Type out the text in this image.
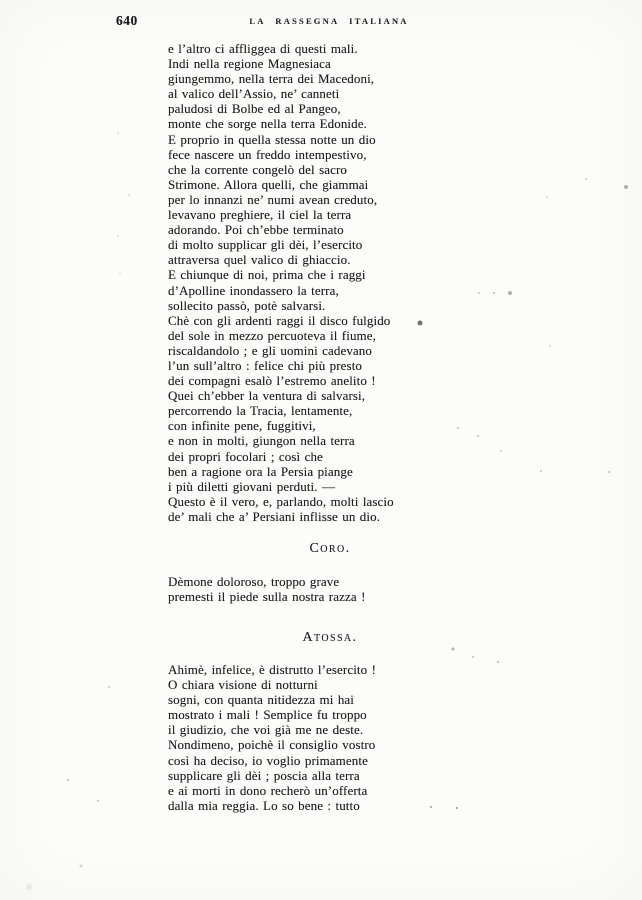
640	LA RASSEGNA ITALIANA
e l’altro ci affliggea di questi mali.
Indi nella regione Magnesiaca
giungemmo, nella terra dei Macedoni,
al valico dell’Assio, ne’ canneti
paludosi di Bolbe ed al Pangeo,
monte che sorge nella terra Edonide.
E proprio in quella stessa notte un dio
fece nascere un freddo intempestivo,
che la corrente congelò del sacro
Strimone. Allora quelli, che giammai
per lo innanzi ne’ numi avean creduto,
levavano preghiere, il ciel la terra
adorando. Poi ch’ebbe terminato
di molto supplicar gli dèi, l’esercito
attraversa quel valico di ghiaccio.
E chiunque di noi, prima che i raggi
d’Apolline inondassero la terra,
sollecito passò, potè salvarsi.
Chè con gli ardenti raggi il disco fulgido
del sole in mezzo percuoteva il fiume,
riscaldandolo ; e gli uomini cadevano
l’un sull’altro : felice chi più presto
dei compagni esalò l’estremo anelito !
Quei ch’ebber la ventura di salvarsi,
percorrendo la Tracia, lentamente,
con infinite pene, fuggitivi,
e non in molti, giungon nella terra
dei propri focolari ; così che
ben a ragione ora la Persia piange
i più diletti giovani perduti. —
Questo è il vero, e, parlando, molti lascio
de’ mali che a’ Persiani inflisse un dio.
Coro.
Dèmone doloroso, troppo grave
premesti il piede sulla nostra razza !
Atossa.
Ahimè, infelice, è distrutto l’esercito !
O chiara visione di notturni
sogni, con quanta nitidezza mi hai
mostrato i mali ! Semplice fu troppo
il giudizio, che voi già me ne deste.
Nondimeno, poichè il consiglio vostro
così ha deciso, io voglio primamente
supplicare gli dèi ; poscia alla terra
e ai morti in dono recherò un’offerta
dalla mia reggia. Lo so bene : tutto
